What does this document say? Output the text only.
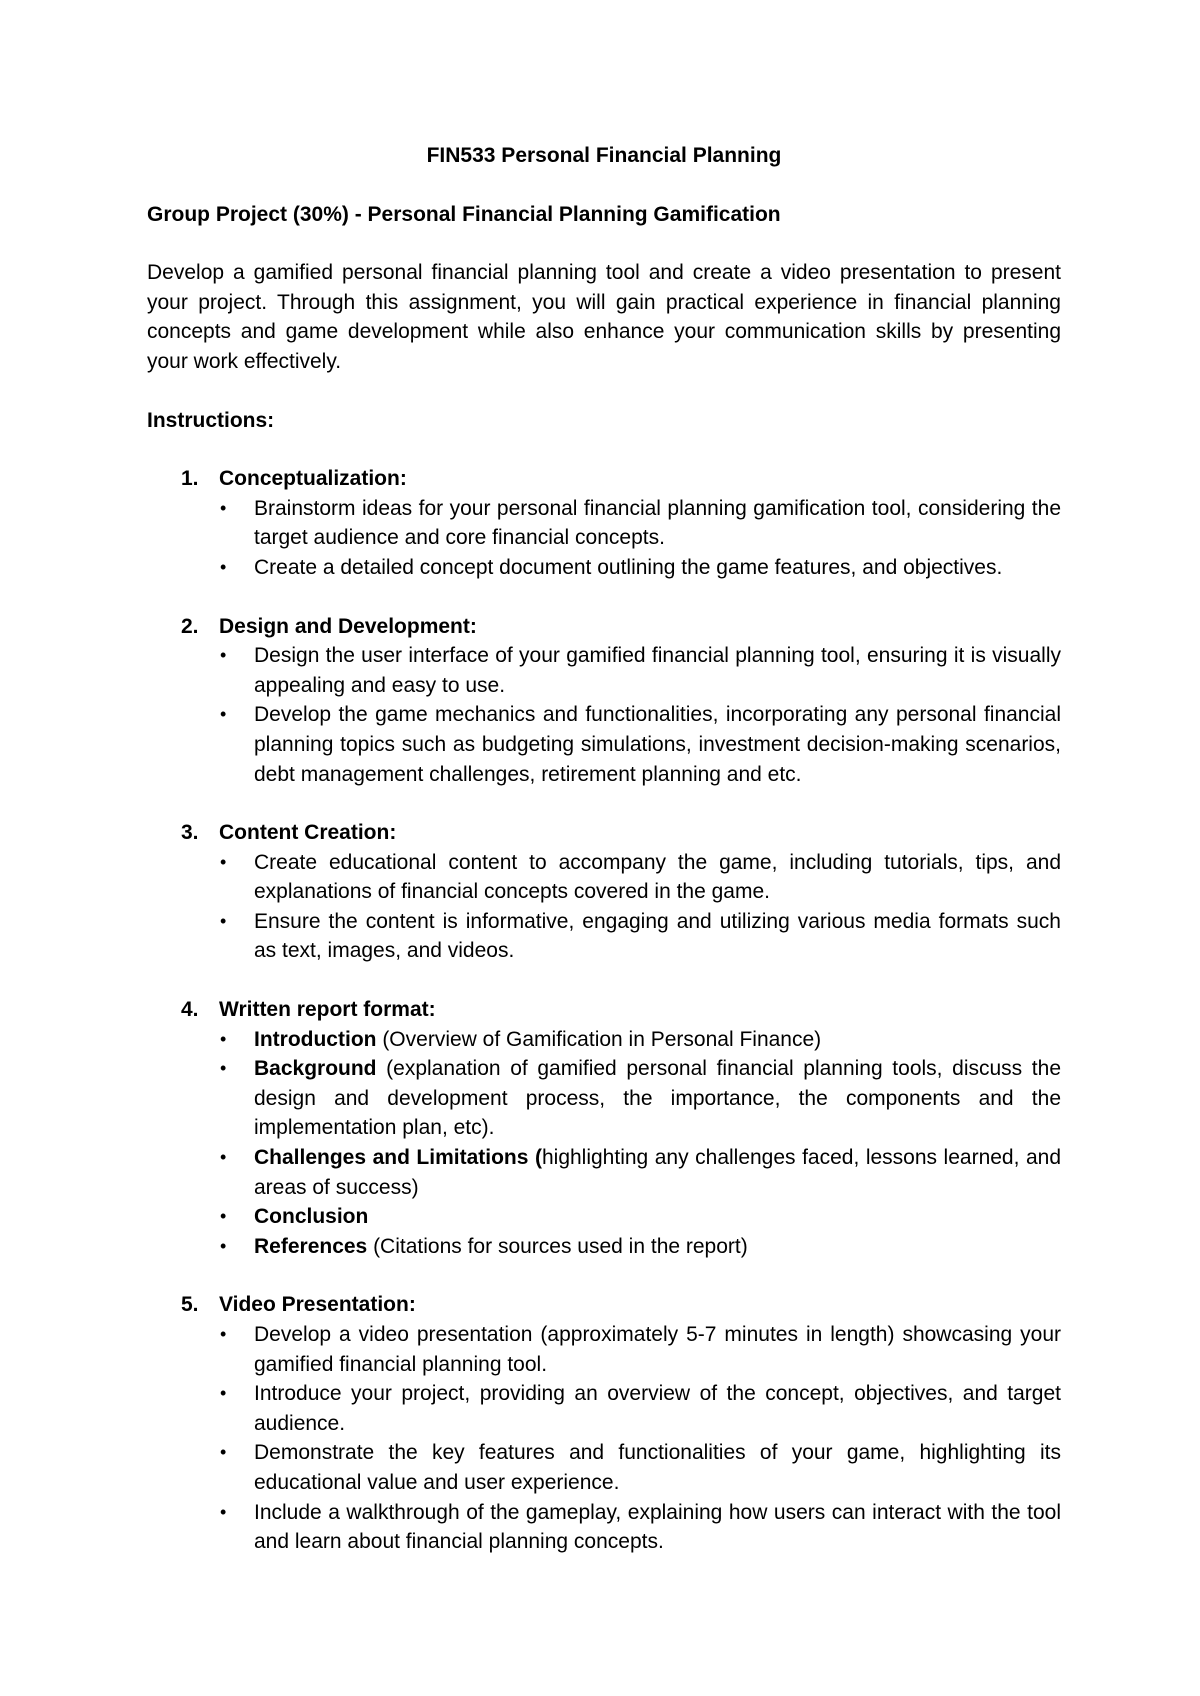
FIN533 Personal Financial Planning
Group Project (30%) - Personal Financial Planning Gamification

Develop a gamified personal financial planning tool and create a video presentation to present your project. Through this assignment, you will gain practical experience in financial planning concepts and game development while also enhance your communication skills by presenting your work effectively.

Instructions:
1. Conceptualization:
• Brainstorm ideas for your personal financial planning gamification tool, considering the target audience and core financial concepts.
• Create a detailed concept document outlining the game features, and objectives.
2. Design and Development:
• Design the user interface of your gamified financial planning tool, ensuring it is visually appealing and easy to use.
• Develop the game mechanics and functionalities, incorporating any personal financial planning topics such as budgeting simulations, investment decision-making scenarios, debt management challenges, retirement planning and etc.
3. Content Creation:
• Create educational content to accompany the game, including tutorials, tips, and explanations of financial concepts covered in the game.
• Ensure the content is informative, engaging and utilizing various media formats such as text, images, and videos.
4. Written report format:
• Introduction (Overview of Gamification in Personal Finance)
• Background (explanation of gamified personal financial planning tools, discuss the design and development process, the importance, the components and the implementation plan, etc).
• Challenges and Limitations (highlighting any challenges faced, lessons learned, and areas of success)
• Conclusion
• References (Citations for sources used in the report)
5. Video Presentation:
• Develop a video presentation (approximately 5-7 minutes in length) showcasing your gamified financial planning tool.
• Introduce your project, providing an overview of the concept, objectives, and target audience.
• Demonstrate the key features and functionalities of your game, highlighting its educational value and user experience.
• Include a walkthrough of the gameplay, explaining how users can interact with the tool and learn about financial planning concepts.
